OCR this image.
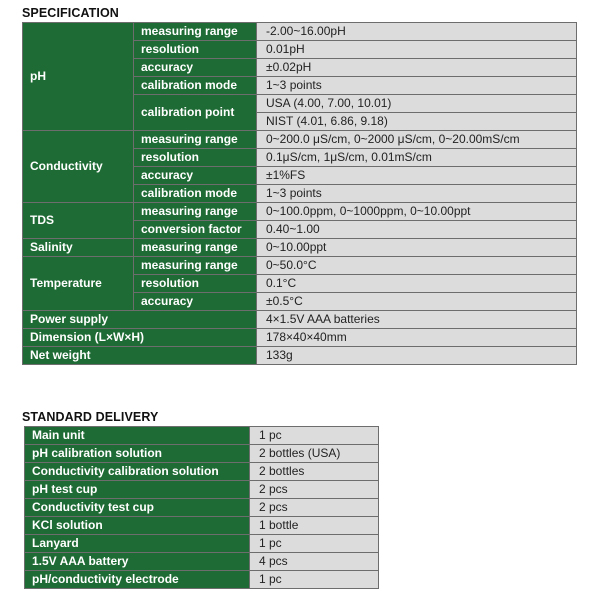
SPECIFICATION
pH	measuring range	-2.00~16.00pH
	resolution	0.01pH
	accuracy	±0.02pH
	calibration mode	1~3 points
	calibration point	USA (4.00, 7.00, 10.01)
		NIST (4.01, 6.86, 9.18)
Conductivity	measuring range	0~200.0 μS/cm, 0~2000 μS/cm, 0~20.00mS/cm
	resolution	0.1μS/cm, 1μS/cm, 0.01mS/cm
	accuracy	±1%FS
	calibration mode	1~3 points
TDS	measuring range	0~100.0ppm, 0~1000ppm, 0~10.00ppt
	conversion factor	0.40~1.00
Salinity	measuring range	0~10.00ppt
Temperature	measuring range	0~50.0°C
	resolution	0.1°C
	accuracy	±0.5°C
Power supply		4×1.5V AAA batteries
Dimension (L×W×H)		178×40×40mm
Net weight		133g
STANDARD DELIVERY
Main unit	1 pc
pH calibration solution	2 bottles (USA)
Conductivity calibration solution	2 bottles
pH test cup	2 pcs
Conductivity test cup	2 pcs
KCl solution	1 bottle
Lanyard	1 pc
1.5V AAA battery	4 pcs
pH/conductivity electrode	1 pc
